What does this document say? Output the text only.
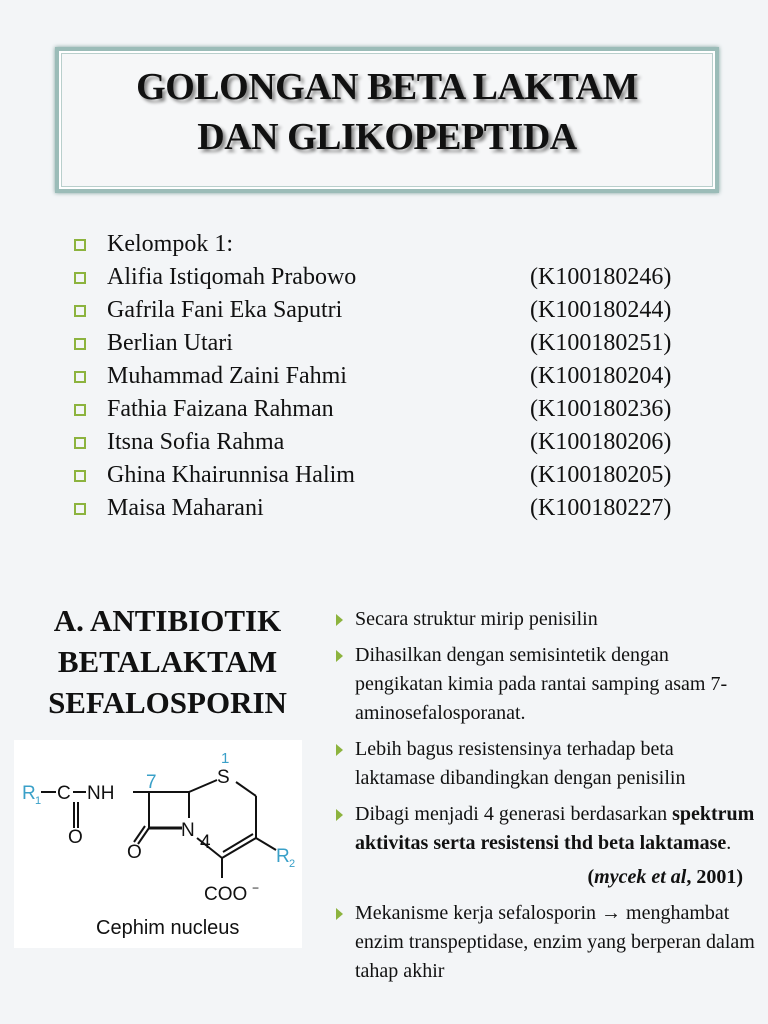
GOLONGAN BETA LAKTAM
DAN GLIKOPEPTIDA
Kelompok 1:
Alifia Istiqomah Prabowo	(K100180246)
Gafrila Fani Eka Saputri	(K100180244)
Berlian Utari	(K100180251)
Muhammad Zaini Fahmi	(K100180204)
Fathia Faizana Rahman	(K100180236)
Itsna Sofia Rahma	(K100180206)
Ghina Khairunnisa Halim	(K100180205)
Maisa Maharani	(K100180227)
A. ANTIBIOTIK
BETALAKTAM
SEFALOSPORIN
C
O
NH
O
S
N
4
COO −
Cephim nucleus
R 1
7
1
R 2
Secara struktur mirip penisilin
Dihasilkan dengan semisintetik dengan pengikatan kimia pada rantai samping asam 7-aminosefalosporanat.
Lebih bagus resistensinya terhadap beta laktamase dibandingkan dengan penisilin
Dibagi menjadi 4 generasi berdasarkan spektrum aktivitas serta resistensi thd beta laktamase.
(mycek et al, 2001)
Mekanisme kerja sefalosporin → menghambat enzim transpeptidase, enzim yang berperan dalam tahap akhir
